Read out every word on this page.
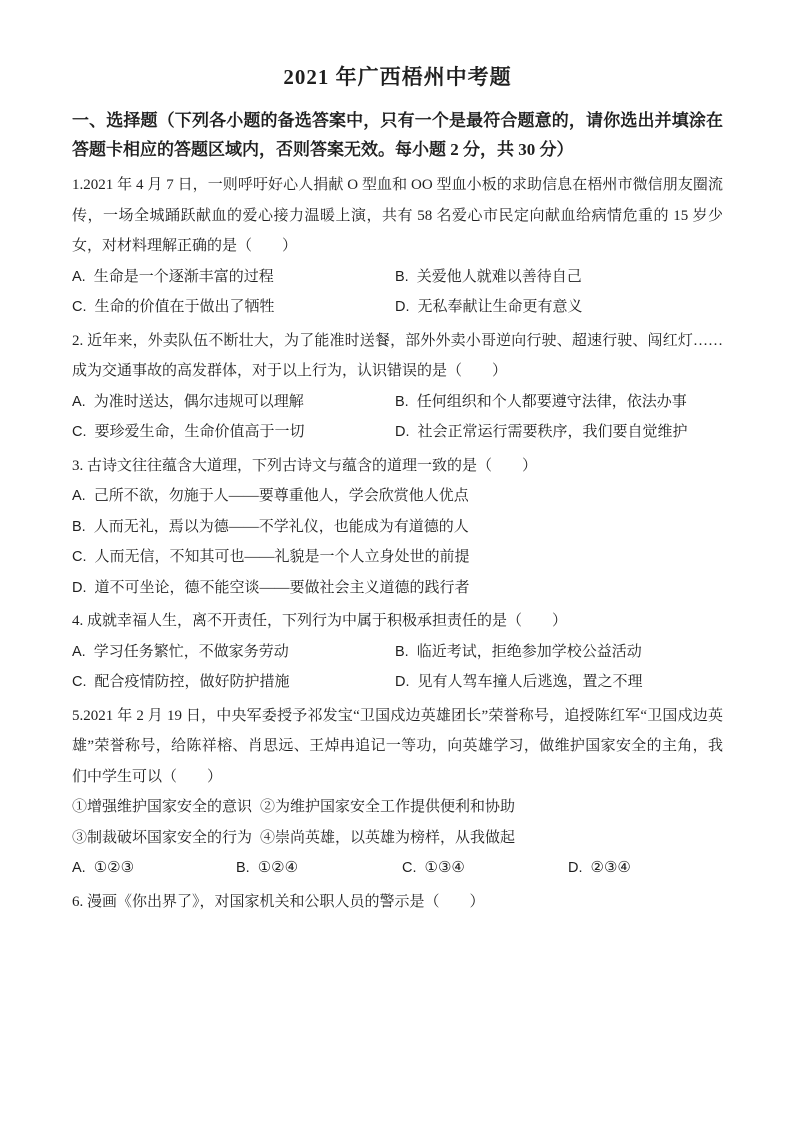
2021 年广西梧州中考题

一、选择题（下列各小题的备选答案中，只有一个是最符合题意的，请你选出并填涂在答题卡相应的答题区域内，否则答案无效。每小题 2 分，共 30 分）

1.2021 年 4 月 7 日，一则呼吁好心人捐献 O 型血和 OO 型血小板的求助信息在梧州市微信朋友圈流传，一场全城踊跃献血的爱心接力温暖上演，共有 58 名爱心市民定向献血给病情危重的 15 岁少女，对材料理解正确的是（　　）

A. 生命是一个逐渐丰富的过程	B. 关爱他人就难以善待自己
C. 生命的价值在于做出了牺牲	D. 无私奉献让生命更有意义

2. 近年来，外卖队伍不断壮大，为了能准时送餐，部外外卖小哥逆向行驶、超速行驶、闯红灯……成为交通事故的高发群体，对于以上行为，认识错误的是（　　）

A. 为准时送达，偶尔违规可以理解	B. 任何组织和个人都要遵守法律，依法办事
C. 要珍爱生命，生命价值高于一切	D. 社会正常运行需要秩序，我们要自觉维护

3. 古诗文往往蕴含大道理，下列古诗文与蕴含的道理一致的是（　　）

A. 己所不欲，勿施于人——要尊重他人，学会欣赏他人优点
B. 人而无礼，焉以为德——不学礼仪，也能成为有道德的人
C. 人而无信，不知其可也——礼貌是一个人立身处世的前提
D. 道不可坐论，德不能空谈——要做社会主义道德的践行者

4. 成就幸福人生，离不开责任，下列行为中属于积极承担责任的是（　　）

A. 学习任务繁忙，不做家务劳动	B. 临近考试，拒绝参加学校公益活动
C. 配合疫情防控，做好防护措施	D. 见有人驾车撞人后逃逸，置之不理

5.2021 年 2 月 19 日，中央军委授予祁发宝“卫国戍边英雄团长”荣誉称号，追授陈红军“卫国戍边英雄”荣誉称号，给陈祥榕、肖思远、王焯冉追记一等功，向英雄学习，做维护国家安全的主角，我们中学生可以（　　）

①增强维护国家安全的意识 ②为维护国家安全工作提供便利和协助
③制裁破坏国家安全的行为 ④崇尚英雄，以英雄为榜样，从我做起
A. ①②③	B. ①②④	C. ①③④	D. ②③④

6. 漫画《你出界了》，对国家机关和公职人员的警示是（　　）
